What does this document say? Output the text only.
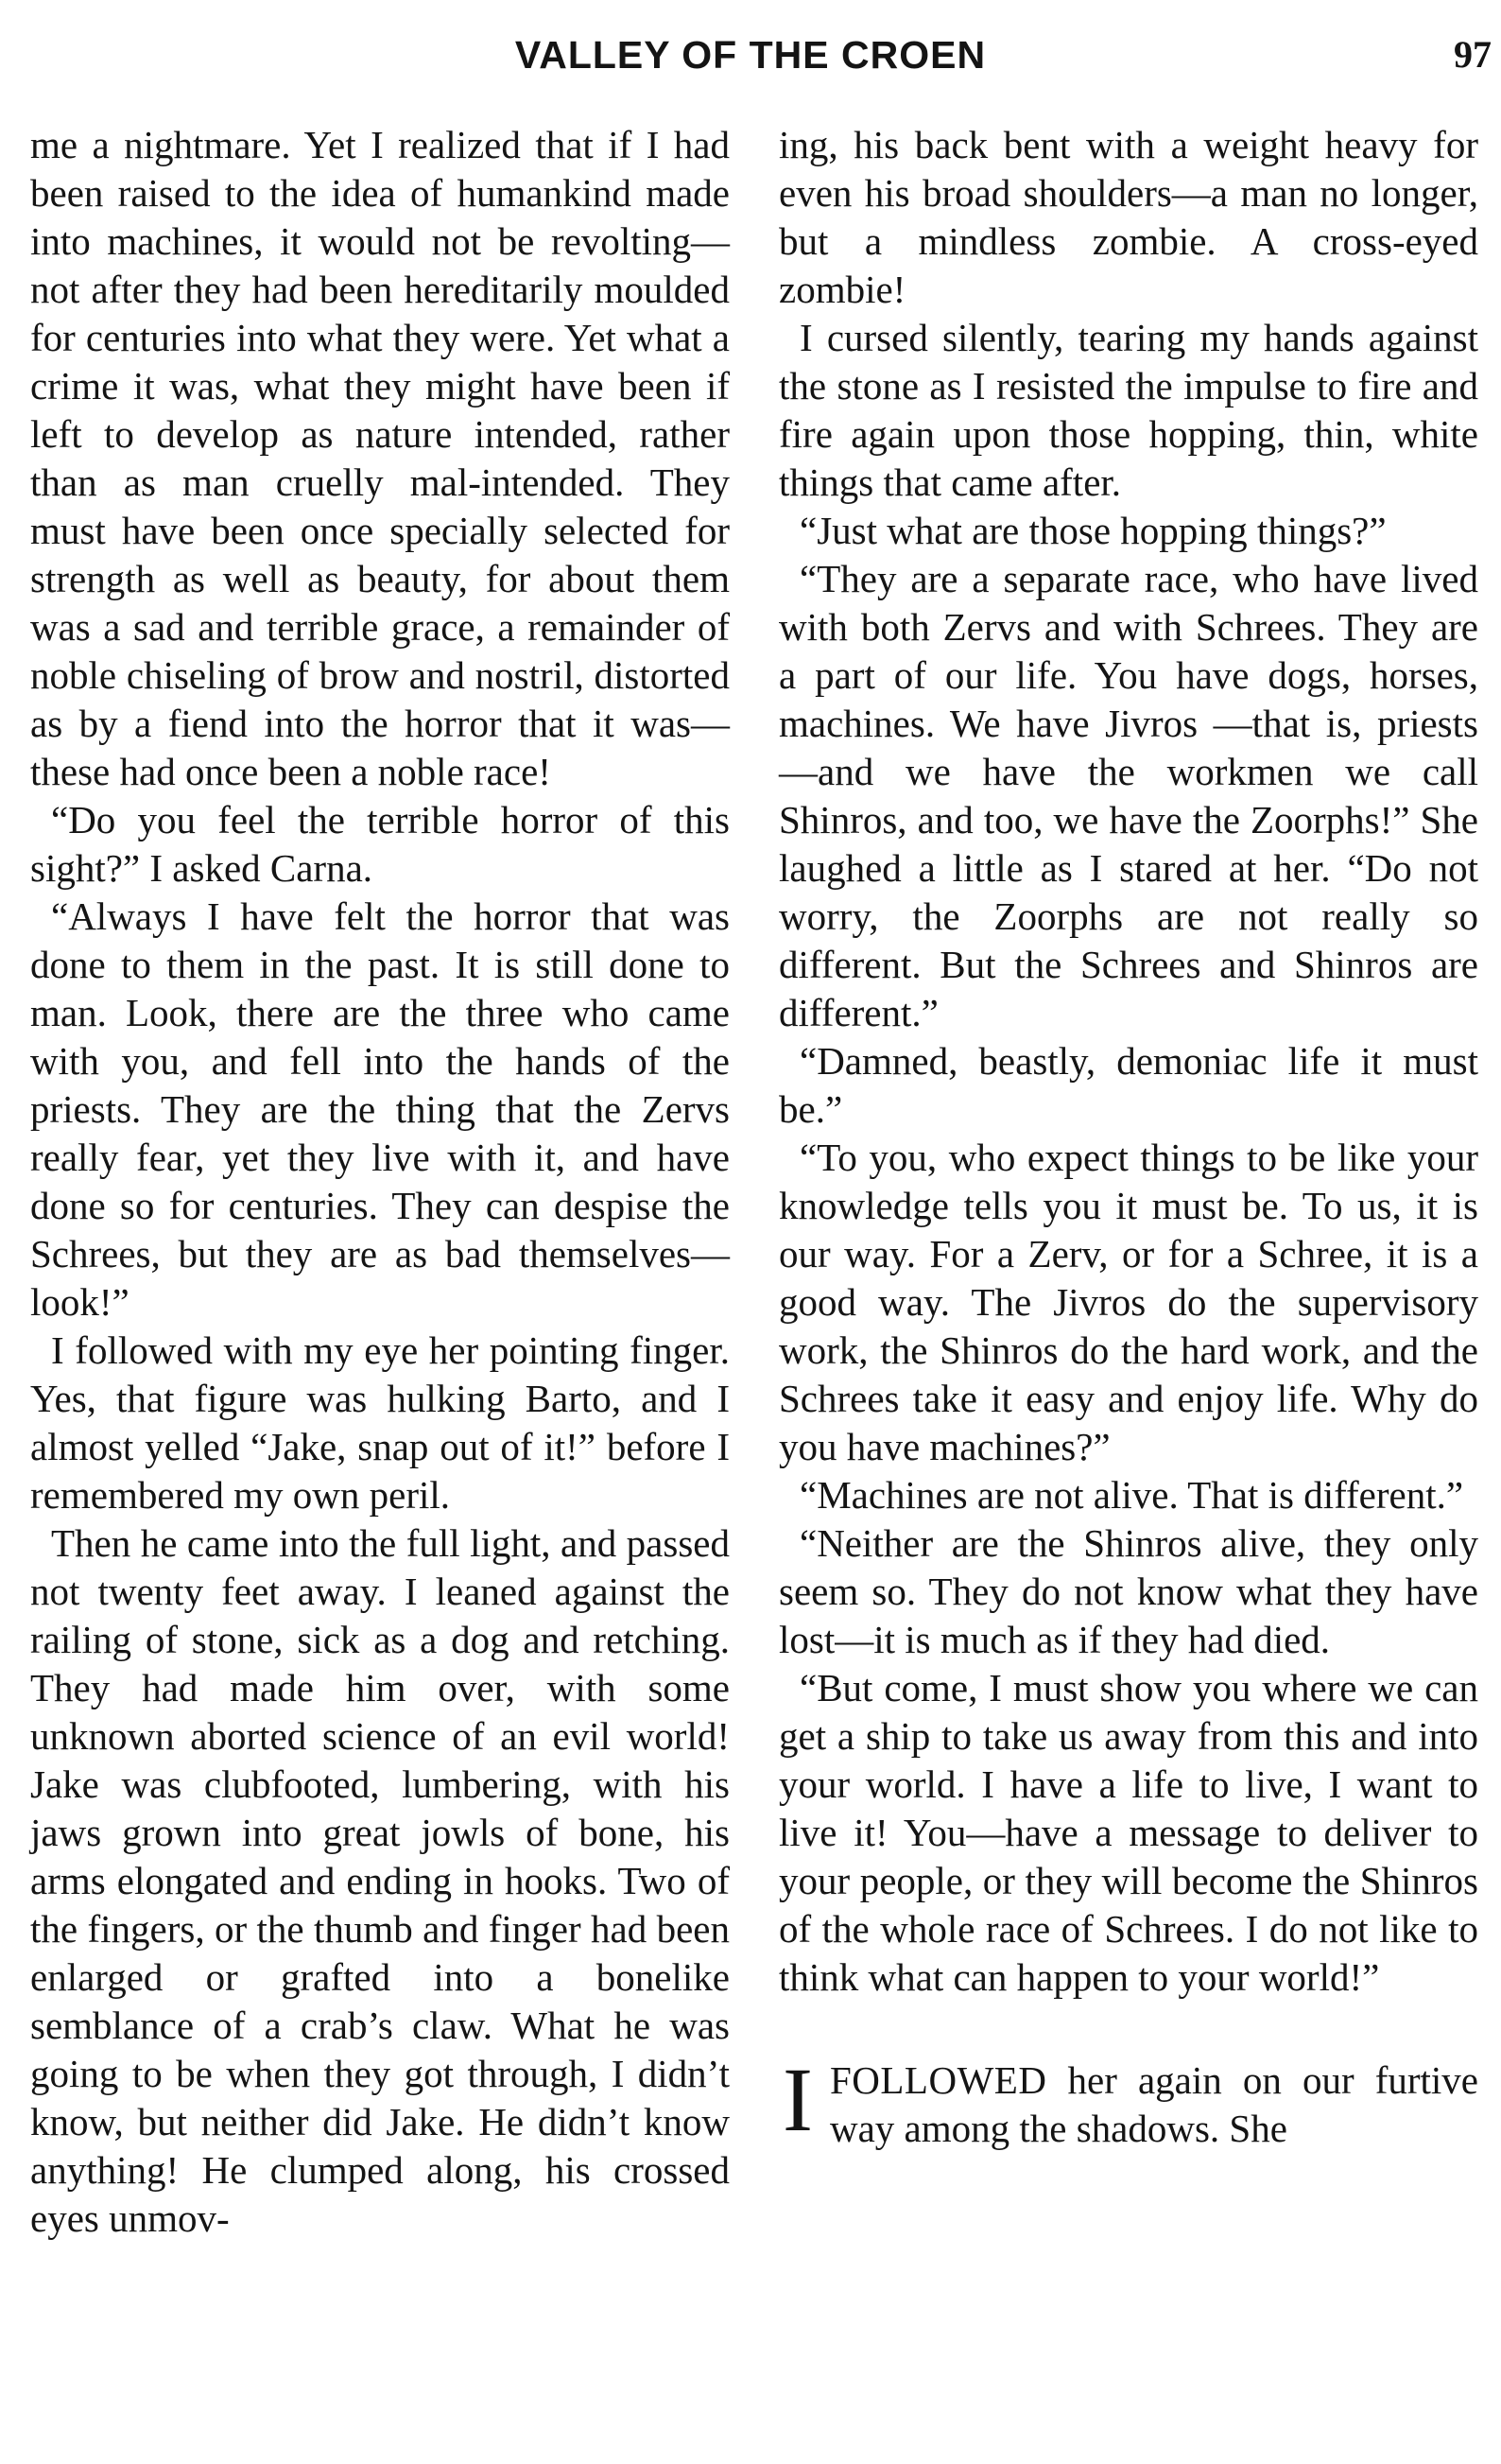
VALLEY OF THE CROEN	97

me a nightmare. Yet I realized that if I had been raised to the idea of humankind made into machines, it would not be revolting—not after they had been hereditarily moulded for centuries into what they were. Yet what a crime it was, what they might have been if left to develop as nature intended, rather than as man cruelly mal-intended. They must have been once specially selected for strength as well as beauty, for about them was a sad and terrible grace, a remainder of noble chiseling of brow and nostril, distorted as by a fiend into the horror that it was—these had once been a noble race!

“Do you feel the terrible horror of this sight?” I asked Carna.

“Always I have felt the horror that was done to them in the past. It is still done to man. Look, there are the three who came with you, and fell into the hands of the priests. They are the thing that the Zervs really fear, yet they live with it, and have done so for centuries. They can despise the Schrees, but they are as bad themselves—look!”

I followed with my eye her pointing finger. Yes, that figure was hulking Barto, and I almost yelled “Jake, snap out of it!” before I remembered my own peril.

Then he came into the full light, and passed not twenty feet away. I leaned against the railing of stone, sick as a dog and retching. They had made him over, with some unknown aborted science of an evil world! Jake was clubfooted, lumbering, with his jaws grown into great jowls of bone, his arms elongated and ending in hooks. Two of the fingers, or the thumb and finger had been enlarged or grafted into a bonelike semblance of a crab’s claw. What he was going to be when they got through, I didn’t know, but neither did Jake. He didn’t know anything! He clumped along, his crossed eyes unmov-

ing, his back bent with a weight heavy for even his broad shoulders—a man no longer, but a mindless zombie. A cross-eyed zombie!

I cursed silently, tearing my hands against the stone as I resisted the impulse to fire and fire again upon those hopping, thin, white things that came after.

“Just what are those hopping things?”

“They are a separate race, who have lived with both Zervs and with Schrees. They are a part of our life. You have dogs, horses, machines. We have Jivros —that is, priests—and we have the workmen we call Shinros, and too, we have the Zoorphs!” She laughed a little as I stared at her. “Do not worry, the Zoorphs are not really so different. But the Schrees and Shinros are different.”

“Damned, beastly, demoniac life it must be.”

“To you, who expect things to be like your knowledge tells you it must be. To us, it is our way. For a Zerv, or for a Schree, it is a good way. The Jivros do the supervisory work, the Shinros do the hard work, and the Schrees take it easy and enjoy life. Why do you have machines?”

“Machines are not alive. That is different.”

“Neither are the Shinros alive, they only seem so. They do not know what they have lost—it is much as if they had died.

“But come, I must show you where we can get a ship to take us away from this and into your world. I have a life to live, I want to live it! You—have a message to deliver to your people, or they will become the Shinros of the whole race of Schrees. I do not like to think what can happen to your world!”

IFOLLOWED her again on our furtive way among the shadows. She
